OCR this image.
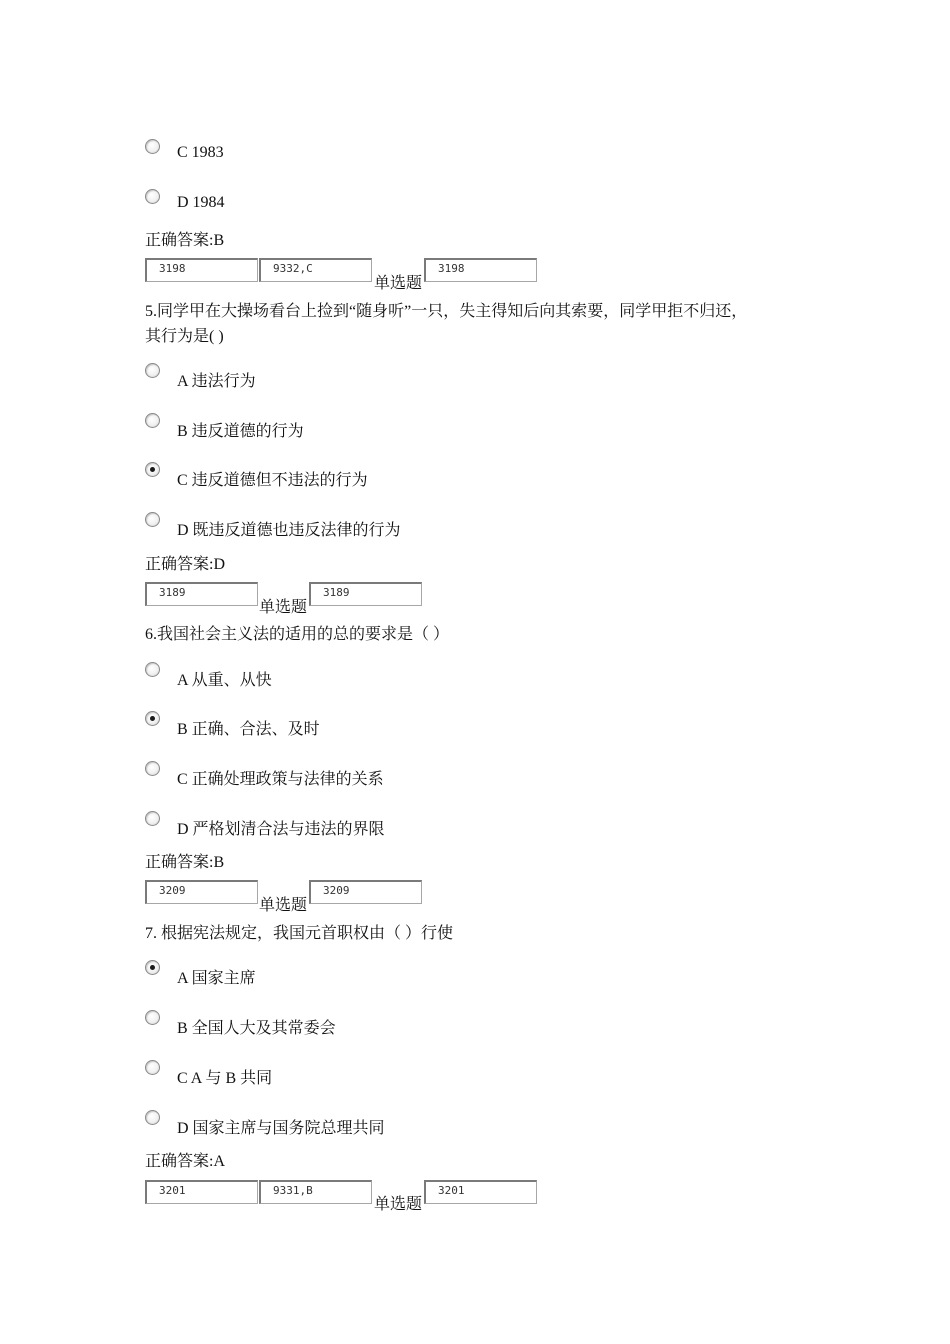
C 1983
D 1984
正确答案:B
3198	9332,C
单选题
3198
5.同学甲在大操场看台上捡到“随身听”一只，失主得知后向其索要，同学甲拒不归还，
其行为是( )
A 违法行为
B 违反道德的行为
C 违反道德但不违法的行为
D 既违反道德也违反法律的行为
正确答案:D
3189
单选题
3189
6.我国社会主义法的适用的总的要求是（ ）
A 从重、从快
B 正确、合法、及时
C 正确处理政策与法律的关系
D 严格划清合法与违法的界限
正确答案:B
3209
单选题
3209
7. 根据宪法规定，我国元首职权由（ ）行使
A 国家主席
B 全国人大及其常委会
C A 与 B 共同
D 国家主席与国务院总理共同
正确答案:A
3201	9331,B
单选题
3201
